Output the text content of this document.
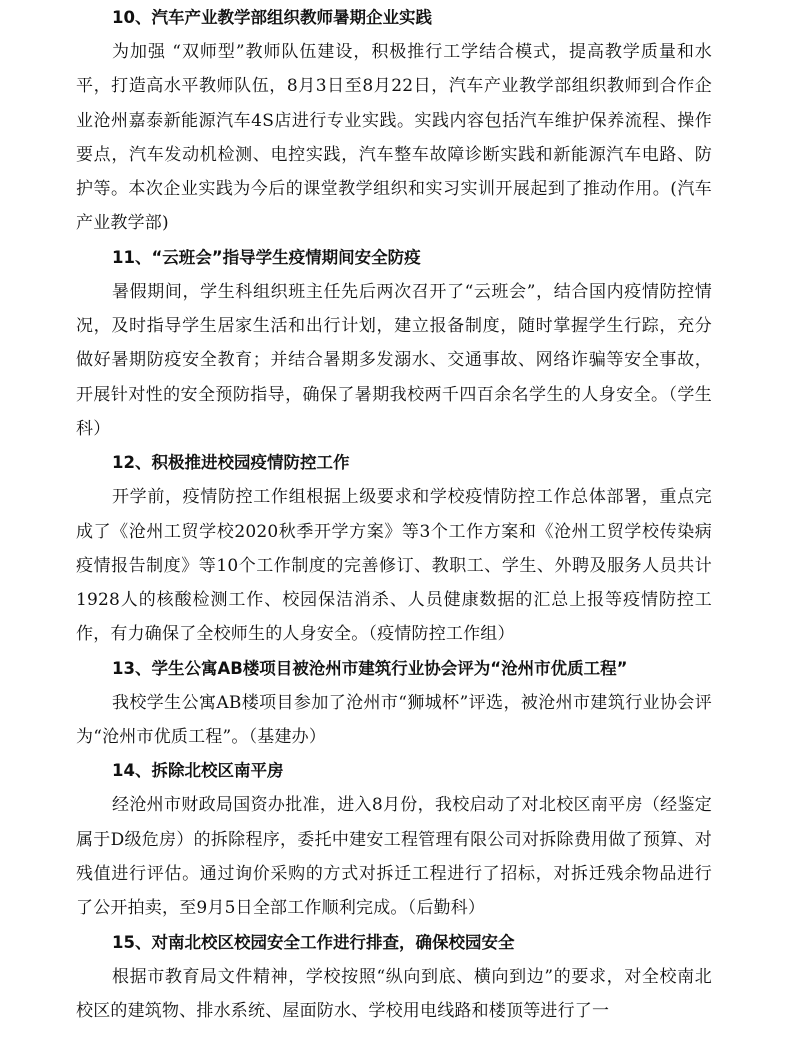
10、汽车产业教学部组织教师暑期企业实践

为加强 “双师型”教师队伍建设，积极推行工学结合模式，提高教学质量和水平，打造高水平教师队伍，8月3日至8月22日，汽车产业教学部组织教师到合作企业沧州嘉泰新能源汽车4S店进行专业实践。实践内容包括汽车维护保养流程、操作要点，汽车发动机检测、电控实践，汽车整车故障诊断实践和新能源汽车电路、防护等。本次企业实践为今后的课堂教学组织和实习实训开展起到了推动作用。(汽车产业教学部)

11、“云班会”指导学生疫情期间安全防疫

暑假期间，学生科组织班主任先后两次召开了“云班会”，结合国内疫情防控情况，及时指导学生居家生活和出行计划，建立报备制度，随时掌握学生行踪，充分做好暑期防疫安全教育；并结合暑期多发溺水、交通事故、网络诈骗等安全事故，开展针对性的安全预防指导，确保了暑期我校两千四百余名学生的人身安全。（学生科）

12、积极推进校园疫情防控工作

开学前，疫情防控工作组根据上级要求和学校疫情防控工作总体部署，重点完成了《沧州工贸学校2020秋季开学方案》等3个工作方案和《沧州工贸学校传染病疫情报告制度》等10个工作制度的完善修订、教职工、学生、外聘及服务人员共计1928人的核酸检测工作、校园保洁消杀、人员健康数据的汇总上报等疫情防控工作，有力确保了全校师生的人身安全。（疫情防控工作组）

13、学生公寓AB楼项目被沧州市建筑行业协会评为“沧州市优质工程”

我校学生公寓AB楼项目参加了沧州市“狮城杯”评选，被沧州市建筑行业协会评为“沧州市优质工程”。（基建办）

14、拆除北校区南平房

经沧州市财政局国资办批准，进入8月份，我校启动了对北校区南平房（经鉴定属于D级危房）的拆除程序，委托中建安工程管理有限公司对拆除费用做了预算、对残值进行评估。通过询价采购的方式对拆迁工程进行了招标，对拆迁残余物品进行了公开拍卖，至9月5日全部工作顺利完成。（后勤科）

15、对南北校区校园安全工作进行排查，确保校园安全

根据市教育局文件精神，学校按照“纵向到底、横向到边”的要求，对全校南北校区的建筑物、排水系统、屋面防水、学校用电线路和楼顶等进行了一
